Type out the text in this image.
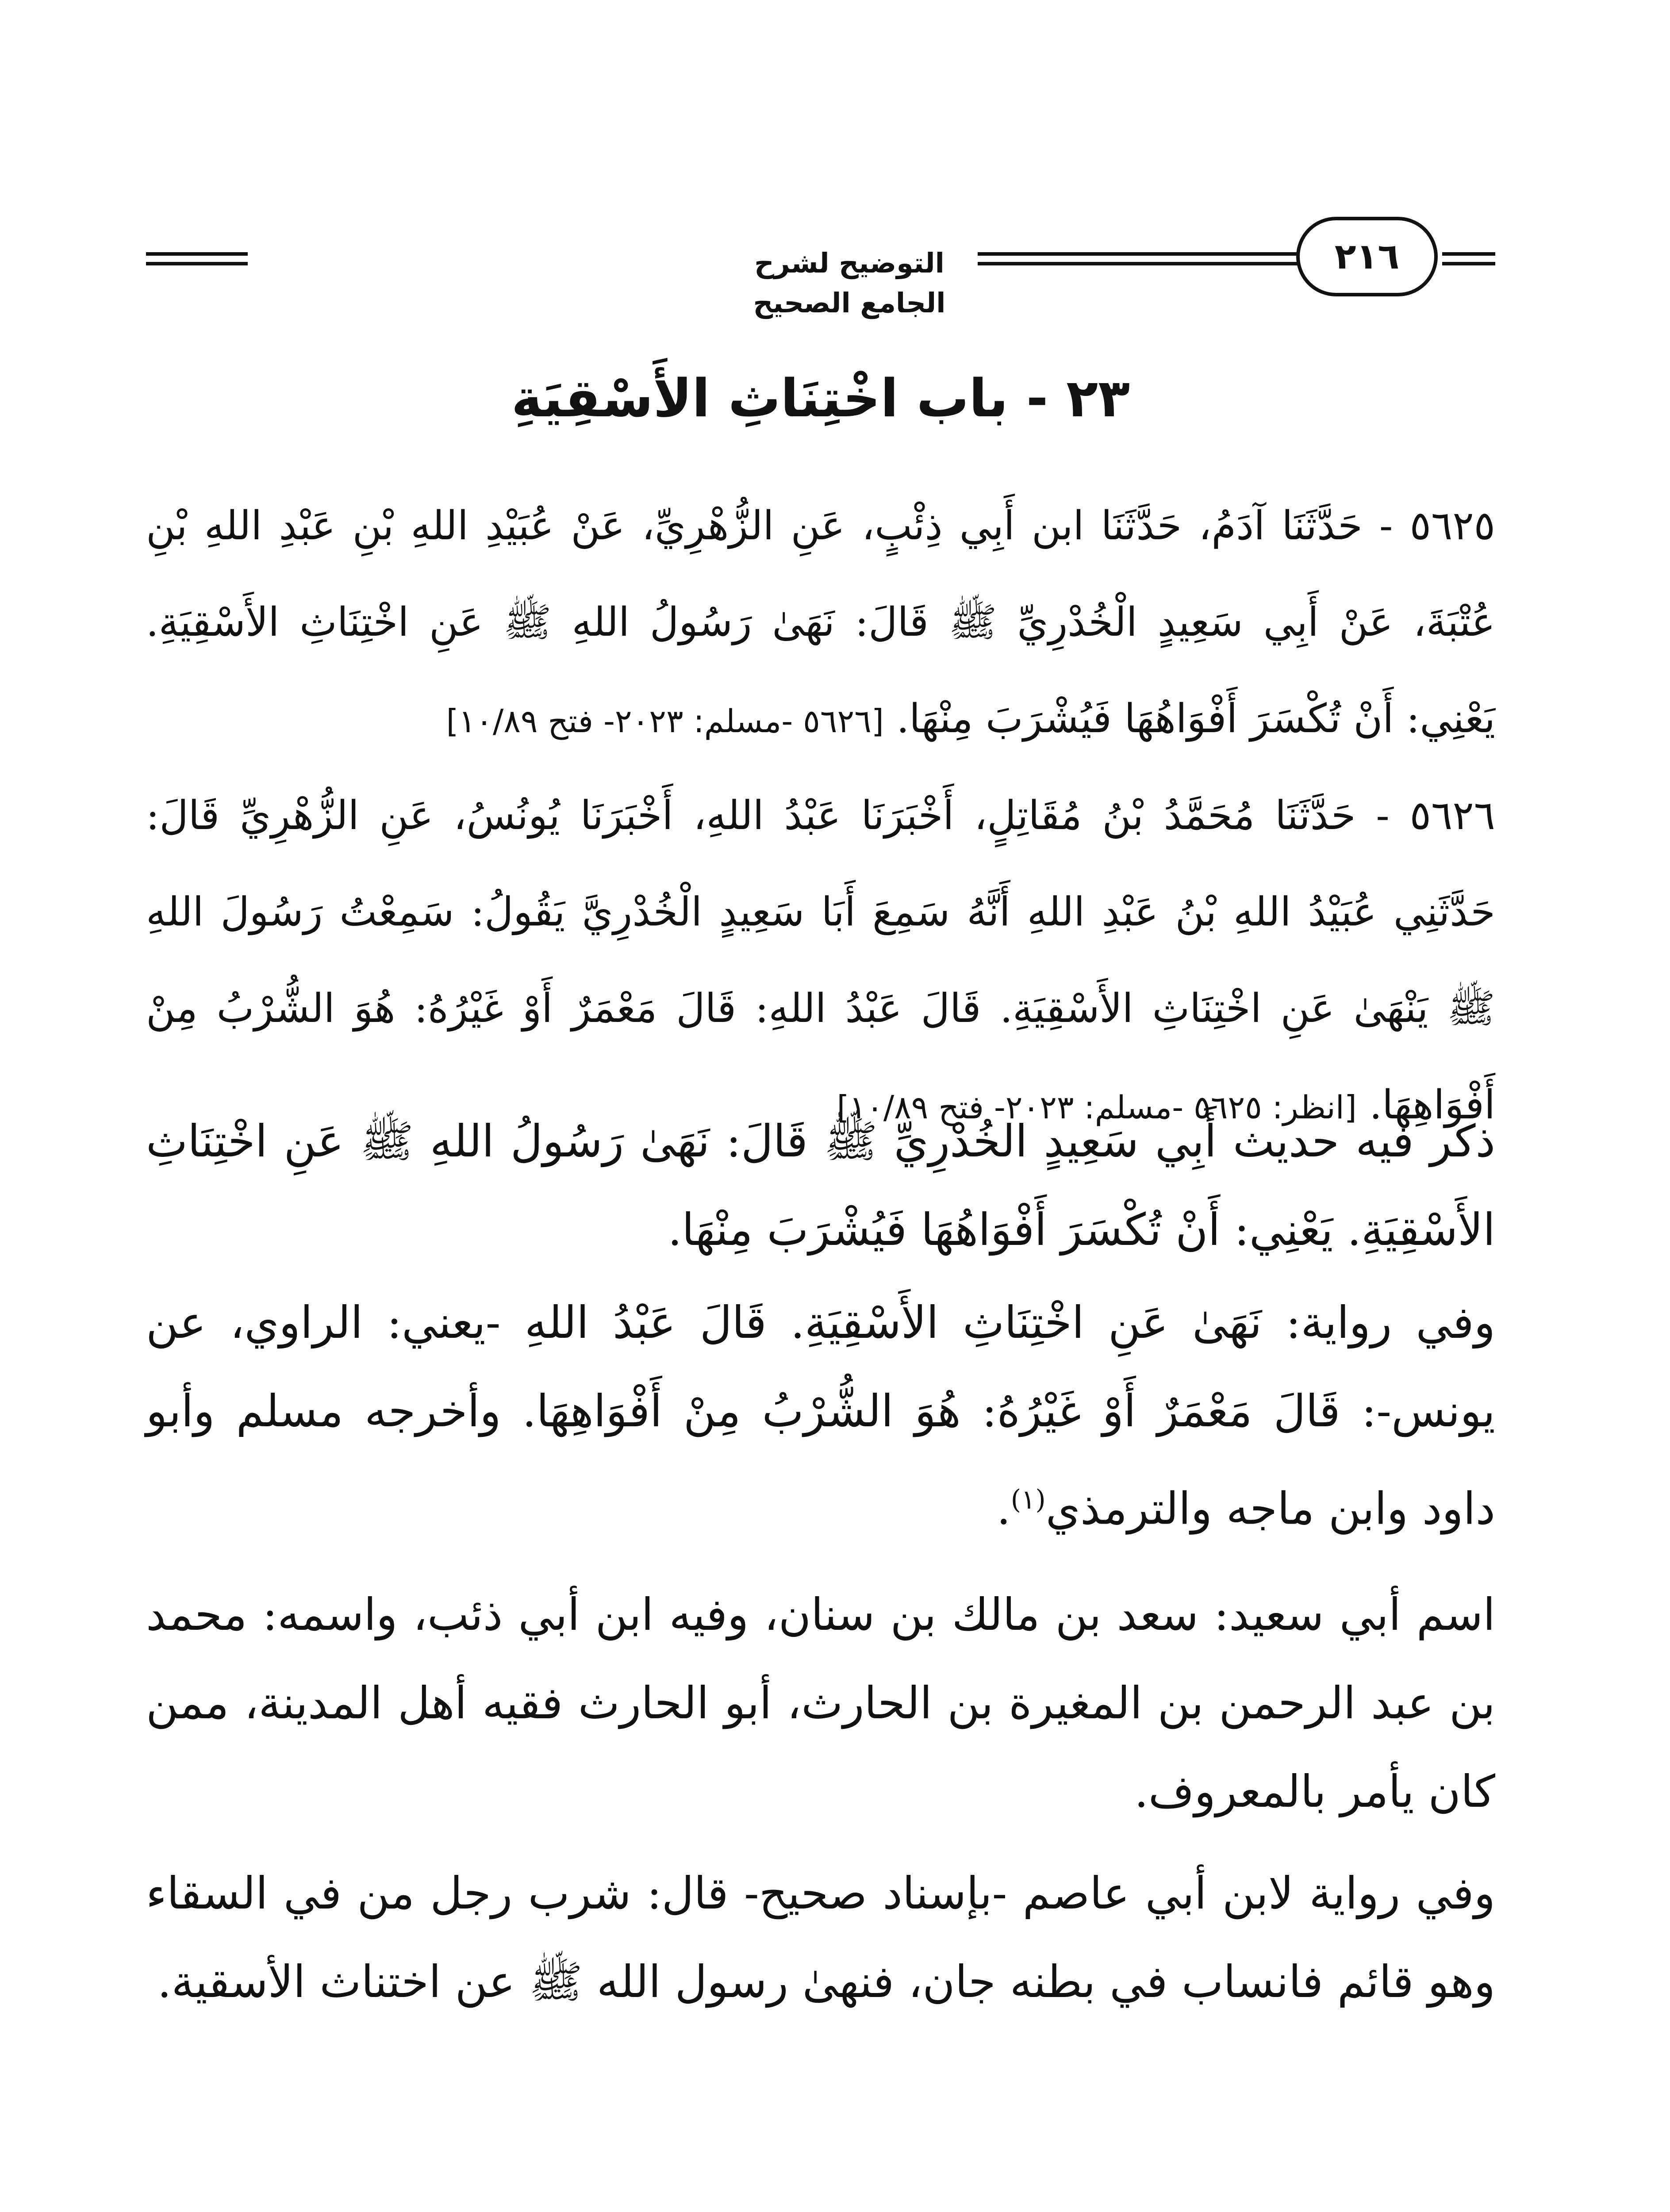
التوضيح لشرح الجامع الصحيح
٢١٦
٢٣ - باب اخْتِنَاثِ الأَسْقِيَةِ

٥٦٢٥ - حَدَّثَنَا آدَمُ، حَدَّثَنَا ابن أَبِي ذِئْبٍ، عَنِ الزُّهْرِيِّ، عَنْ عُبَيْدِ اللهِ بْنِ عَبْدِ اللهِ بْنِ عُتْبَةَ، عَنْ أَبِي سَعِيدٍ الْخُدْرِيِّ ﷺ قَالَ: نَهَىٰ رَسُولُ اللهِ ﷺ عَنِ اخْتِنَاثِ الأَسْقِيَةِ. يَعْنِي: أَنْ تُكْسَرَ أَفْوَاهُهَا فَيُشْرَبَ مِنْهَا. [٥٦٢٦ -مسلم: ٢٠٢٣- فتح ١٠/٨٩]

٥٦٢٦ - حَدَّثَنَا مُحَمَّدُ بْنُ مُقَاتِلٍ، أَخْبَرَنَا عَبْدُ اللهِ، أَخْبَرَنَا يُونُسُ، عَنِ الزُّهْرِيِّ قَالَ: حَدَّثَنِي عُبَيْدُ اللهِ بْنُ عَبْدِ اللهِ أَنَّهُ سَمِعَ أَبَا سَعِيدٍ الْخُدْرِيَّ يَقُولُ: سَمِعْتُ رَسُولَ اللهِ ﷺ يَنْهَىٰ عَنِ اخْتِنَاثِ الأَسْقِيَةِ. قَالَ عَبْدُ اللهِ: قَالَ مَعْمَرٌ أَوْ غَيْرُهُ: هُوَ الشُّرْبُ مِنْ أَفْوَاهِهَا. [انظر: ٥٦٢٥ -مسلم: ٢٠٢٣- فتح ١٠/٨٩]

ذكر فيه حديث أَبِي سَعِيدٍ الخُدْرِيِّ ﷺ قَالَ: نَهَىٰ رَسُولُ اللهِ ﷺ عَنِ اخْتِنَاثِ الأَسْقِيَةِ. يَعْنِي: أَنْ تُكْسَرَ أَفْوَاهُهَا فَيُشْرَبَ مِنْهَا.

وفي رواية: نَهَىٰ عَنِ اخْتِنَاثِ الأَسْقِيَةِ. قَالَ عَبْدُ اللهِ -يعني: الراوي، عن يونس-: قَالَ مَعْمَرٌ أَوْ غَيْرُهُ: هُوَ الشُّرْبُ مِنْ أَفْوَاهِهَا. وأخرجه مسلم وأبو داود وابن ماجه والترمذي$^{(١)}$.

اسم أبي سعيد: سعد بن مالك بن سنان، وفيه ابن أبي ذئب، واسمه: محمد بن عبد الرحمن بن المغيرة بن الحارث، أبو الحارث فقيه أهل المدينة، ممن كان يأمر بالمعروف.

وفي رواية لابن أبي عاصم -بإسناد صحيح- قال: شرب رجل من في السقاء وهو قائم فانساب في بطنه جان، فنهىٰ رسول الله ﷺ عن اختناث الأسقية.
